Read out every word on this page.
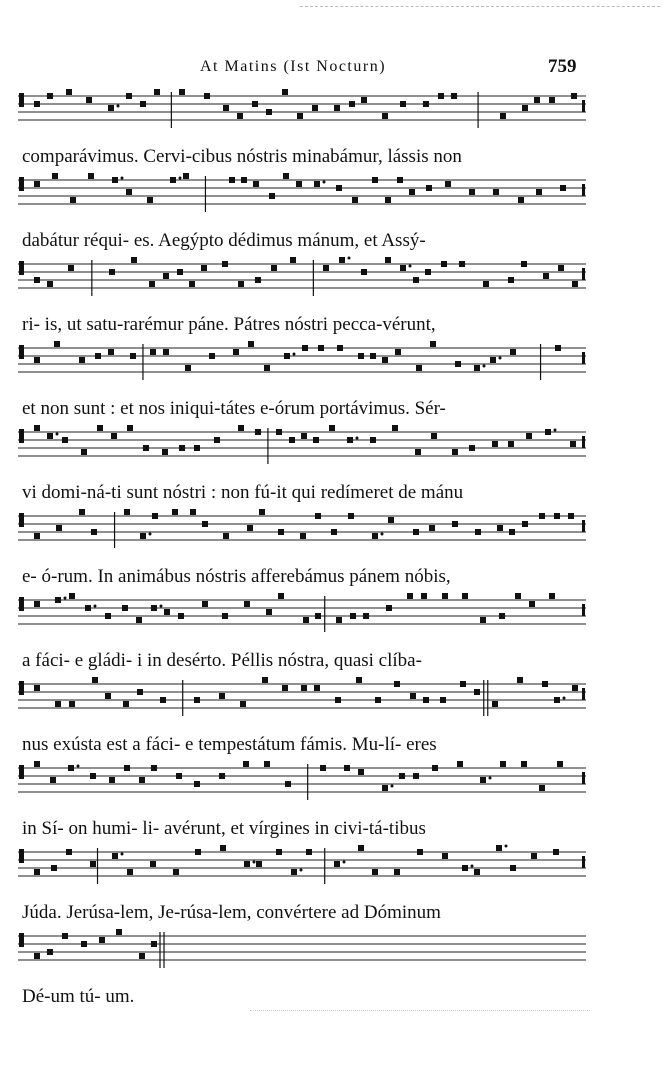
At Matins (Ist Nocturn)	759
comparávimus. Cervi-cibus nóstris minabámur, lássis non
dabátur réqui- es. Aegýpto dédimus mánum, et Assý-
ri- is, ut satu-rarémur páne. Pátres nóstri pecca-vérunt,
et non sunt : et nos iniqui-tátes e-órum portávimus. Sér-
vi domi-ná-ti sunt nóstri : non fú-it qui redímeret de mánu
e- ó-rum. In animábus nóstris afferebámus pánem nóbis,
a fáci- e gládi- i in desérto. Péllis nóstra, quasi clíba-
nus exústa est a fáci- e tempestátum fámis. Mu-lí- eres
in Sí- on humi- li- avérunt, et vírgines in civi-tá-tibus
Júda. Jerúsa-lem, Je-rúsa-lem, convértere ad Dóminum
Dé-um tú- um.
